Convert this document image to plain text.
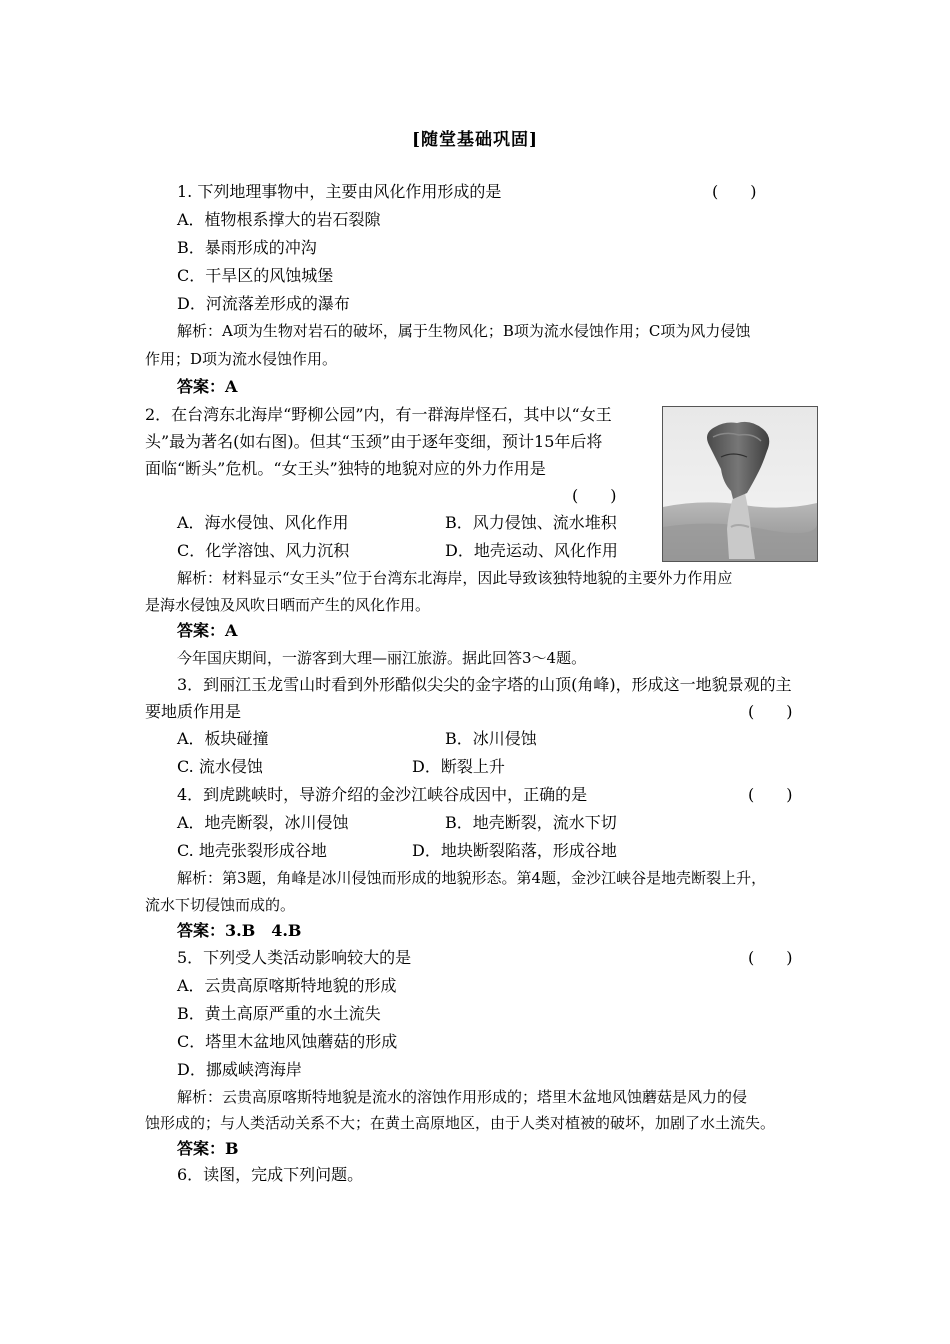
[随堂基础巩固]
1. 下列地理事物中，主要由风化作用形成的是	(　　)
A．植物根系撑大的岩石裂隙
B．暴雨形成的冲沟
C．干旱区的风蚀城堡
D．河流落差形成的瀑布
解析：A项为生物对岩石的破坏，属于生物风化；B项为流水侵蚀作用；C项为风力侵蚀
作用；D项为流水侵蚀作用。
答案：A
2．在台湾东北海岸“野柳公园”内，有一群海岸怪石，其中以“女王
头”最为著名(如右图)。但其“玉颈”由于逐年变细，预计15年后将
面临“断头”危机。“女王头”独特的地貌对应的外力作用是
(　　)
A．海水侵蚀、风化作用	B．风力侵蚀、流水堆积
C．化学溶蚀、风力沉积	D．地壳运动、风化作用
解析：材料显示“女王头”位于台湾东北海岸，因此导致该独特地貌的主要外力作用应
是海水侵蚀及风吹日晒而产生的风化作用。
答案：A
今年国庆期间，一游客到大理—丽江旅游。据此回答3～4题。
3．到丽江玉龙雪山时看到外形酷似尖尖的金字塔的山顶(角峰)，形成这一地貌景观的主
要地质作用是	(　　)
A．板块碰撞	B．冰川侵蚀
C. 流水侵蚀	D．断裂上升
4．到虎跳峡时，导游介绍的金沙江峡谷成因中，正确的是	(　　)
A．地壳断裂，冰川侵蚀	B．地壳断裂，流水下切
C. 地壳张裂形成谷地	D．地块断裂陷落，形成谷地
解析：第3题，角峰是冰川侵蚀而形成的地貌形态。第4题，金沙江峡谷是地壳断裂上升，
流水下切侵蚀而成的。
答案：3.B　4.B
5．下列受人类活动影响较大的是	(　　)
A．云贵高原喀斯特地貌的形成
B．黄土高原严重的水土流失
C．塔里木盆地风蚀蘑菇的形成
D．挪威峡湾海岸
解析：云贵高原喀斯特地貌是流水的溶蚀作用形成的；塔里木盆地风蚀蘑菇是风力的侵
蚀形成的；与人类活动关系不大；在黄土高原地区，由于人类对植被的破坏，加剧了水土流失。
答案：B
6．读图，完成下列问题。
